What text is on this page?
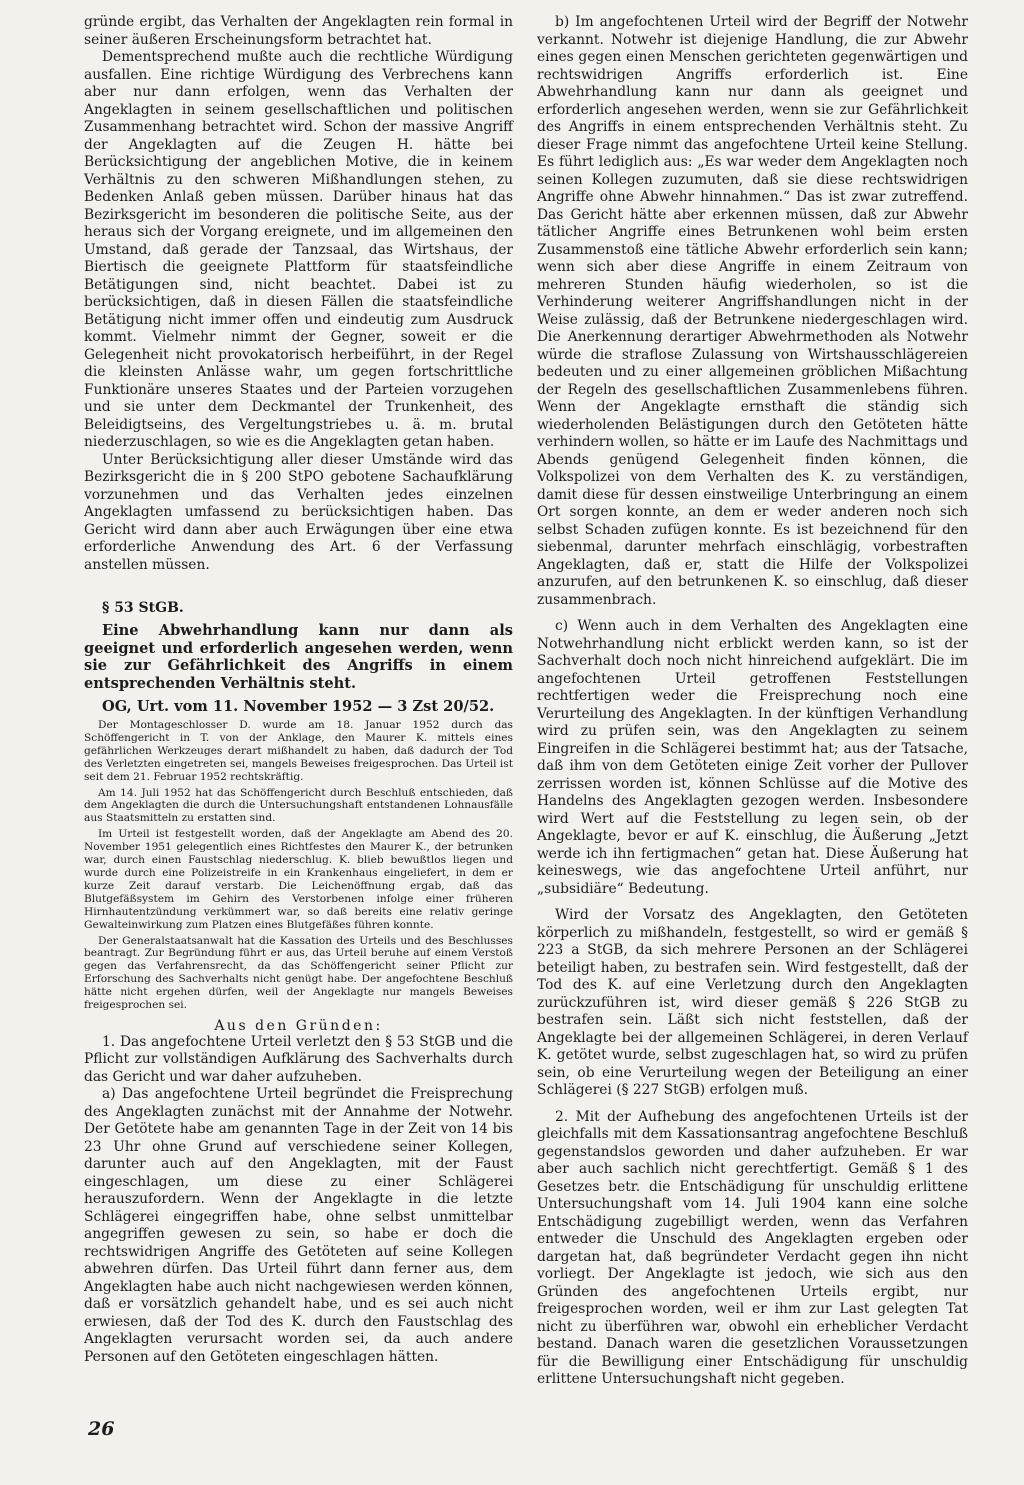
gründe ergibt, das Verhalten der Angeklagten rein formal in seiner äußeren Erscheinungsform betrachtet hat.

Dementsprechend mußte auch die rechtliche Würdigung ausfallen. Eine richtige Würdigung des Verbrechens kann aber nur dann erfolgen, wenn das Verhalten der Angeklagten in seinem gesellschaftlichen und politischen Zusammenhang betrachtet wird. Schon der massive Angriff der Angeklagten auf die Zeugen H. hätte bei Berücksichtigung der angeblichen Motive, die in keinem Verhältnis zu den schweren Mißhandlungen stehen, zu Bedenken Anlaß geben müssen. Darüber hinaus hat das Bezirksgericht im besonderen die politische Seite, aus der heraus sich der Vorgang ereignete, und im allgemeinen den Umstand, daß gerade der Tanzsaal, das Wirtshaus, der Biertisch die geeignete Plattform für staatsfeindliche Betätigungen sind, nicht beachtet. Dabei ist zu berücksichtigen, daß in diesen Fällen die staatsfeindliche Betätigung nicht immer offen und eindeutig zum Ausdruck kommt. Vielmehr nimmt der Gegner, soweit er die Gelegenheit nicht provokatorisch herbeiführt, in der Regel die kleinsten Anlässe wahr, um gegen fortschrittliche Funktionäre unseres Staates und der Parteien vorzugehen und sie unter dem Deckmantel der Trunkenheit, des Beleidigtseins, des Vergeltungstriebes u. ä. m. brutal niederzuschlagen, so wie es die Angeklagten getan haben.

Unter Berücksichtigung aller dieser Umstände wird das Bezirksgericht die in § 200 StPO gebotene Sachaufklärung vorzunehmen und das Verhalten jedes einzelnen Angeklagten umfassend zu berücksichtigen haben. Das Gericht wird dann aber auch Erwägungen über eine etwa erforderliche Anwendung des Art. 6 der Verfassung anstellen müssen.

§ 53 StGB.

Eine Abwehrhandlung kann nur dann als geeignet und erforderlich angesehen werden, wenn sie zur Gefährlichkeit des Angriffs in einem entsprechenden Verhältnis steht.

OG, Urt. vom 11. November 1952 — 3 Zst 20/52.

Der Montageschlosser D. wurde am 18. Januar 1952 durch das Schöffengericht in T. von der Anklage, den Maurer K. mittels eines gefährlichen Werkzeuges derart mißhandelt zu haben, daß dadurch der Tod des Verletzten eingetreten sei, mangels Beweises freigesprochen. Das Urteil ist seit dem 21. Februar 1952 rechtskräftig.

Am 14. Juli 1952 hat das Schöffengericht durch Beschluß entschieden, daß dem Angeklagten die durch die Untersuchungshaft entstandenen Lohnausfälle aus Staatsmitteln zu erstatten sind.

Im Urteil ist festgestellt worden, daß der Angeklagte am Abend des 20. November 1951 gelegentlich eines Richtfestes den Maurer K., der betrunken war, durch einen Faustschlag niederschlug. K. blieb bewußtlos liegen und wurde durch eine Polizeistreife in ein Krankenhaus eingeliefert, in dem er kurze Zeit darauf verstarb. Die Leichenöffnung ergab, daß das Blutgefäßsystem im Gehirn des Verstorbenen infolge einer früheren Hirnhautentzündung verkümmert war, so daß bereits eine relativ geringe Gewalteinwirkung zum Platzen eines Blutgefäßes führen konnte.

Der Generalstaatsanwalt hat die Kassation des Urteils und des Beschlusses beantragt. Zur Begründung führt er aus, das Urteil beruhe auf einem Verstoß gegen das Verfahrensrecht, da das Schöffengericht seiner Pflicht zur Erforschung des Sachverhalts nicht genügt habe. Der angefochtene Beschluß hätte nicht ergehen dürfen, weil der Angeklagte nur mangels Beweises freigesprochen sei.

Aus den Gründen:

1. Das angefochtene Urteil verletzt den § 53 StGB und die Pflicht zur vollständigen Aufklärung des Sachverhalts durch das Gericht und war daher aufzuheben.

a) Das angefochtene Urteil begründet die Freisprechung des Angeklagten zunächst mit der Annahme der Notwehr. Der Getötete habe am genannten Tage in der Zeit von 14 bis 23 Uhr ohne Grund auf verschiedene seiner Kollegen, darunter auch auf den Angeklagten, mit der Faust eingeschlagen, um diese zu einer Schlägerei herauszufordern. Wenn der Angeklagte in die letzte Schlägerei eingegriffen habe, ohne selbst unmittelbar angegriffen gewesen zu sein, so habe er doch die rechtswidrigen Angriffe des Getöteten auf seine Kollegen abwehren dürfen. Das Urteil führt dann ferner aus, dem Angeklagten habe auch nicht nachgewiesen werden können, daß er vorsätzlich gehandelt habe, und es sei auch nicht erwiesen, daß der Tod des K. durch den Faustschlag des Angeklagten verursacht worden sei, da auch andere Personen auf den Getöteten eingeschlagen hätten.

b) Im angefochtenen Urteil wird der Begriff der Notwehr verkannt. Notwehr ist diejenige Handlung, die zur Abwehr eines gegen einen Menschen gerichteten gegenwärtigen und rechtswidrigen Angriffs erforderlich ist. Eine Abwehrhandlung kann nur dann als geeignet und erforderlich angesehen werden, wenn sie zur Gefährlichkeit des Angriffs in einem entsprechenden Verhältnis steht. Zu dieser Frage nimmt das angefochtene Urteil keine Stellung. Es führt lediglich aus: „Es war weder dem Angeklagten noch seinen Kollegen zuzumuten, daß sie diese rechtswidrigen Angriffe ohne Abwehr hinnahmen.“ Das ist zwar zutreffend. Das Gericht hätte aber erkennen müssen, daß zur Abwehr tätlicher Angriffe eines Betrunkenen wohl beim ersten Zusammenstoß eine tätliche Abwehr erforderlich sein kann; wenn sich aber diese Angriffe in einem Zeitraum von mehreren Stunden häufig wiederholen, so ist die Verhinderung weiterer Angriffshandlungen nicht in der Weise zulässig, daß der Betrunkene niedergeschlagen wird. Die Anerkennung derartiger Abwehrmethoden als Notwehr würde die straflose Zulassung von Wirtshausschlägereien bedeuten und zu einer allgemeinen gröblichen Mißachtung der Regeln des gesellschaftlichen Zusammenlebens führen. Wenn der Angeklagte ernsthaft die ständig sich wiederholenden Belästigungen durch den Getöteten hätte verhindern wollen, so hätte er im Laufe des Nachmittags und Abends genügend Gelegenheit finden können, die Volkspolizei von dem Verhalten des K. zu verständigen, damit diese für dessen einstweilige Unterbringung an einem Ort sorgen konnte, an dem er weder anderen noch sich selbst Schaden zufügen konnte. Es ist bezeichnend für den siebenmal, darunter mehrfach einschlägig, vorbestraften Angeklagten, daß er, statt die Hilfe der Volkspolizei anzurufen, auf den betrunkenen K. so einschlug, daß dieser zusammenbrach.

c) Wenn auch in dem Verhalten des Angeklagten eine Notwehrhandlung nicht erblickt werden kann, so ist der Sachverhalt doch noch nicht hinreichend aufgeklärt. Die im angefochtenen Urteil getroffenen Feststellungen rechtfertigen weder die Freisprechung noch eine Verurteilung des Angeklagten. In der künftigen Verhandlung wird zu prüfen sein, was den Angeklagten zu seinem Eingreifen in die Schlägerei bestimmt hat; aus der Tatsache, daß ihm von dem Getöteten einige Zeit vorher der Pullover zerrissen worden ist, können Schlüsse auf die Motive des Handelns des Angeklagten gezogen werden. Insbesondere wird Wert auf die Feststellung zu legen sein, ob der Angeklagte, bevor er auf K. einschlug, die Äußerung „Jetzt werde ich ihn fertigmachen“ getan hat. Diese Äußerung hat keineswegs, wie das angefochtene Urteil anführt, nur „subsidiäre“ Bedeutung.

Wird der Vorsatz des Angeklagten, den Getöteten körperlich zu mißhandeln, festgestellt, so wird er gemäß § 223 a StGB, da sich mehrere Personen an der Schlägerei beteiligt haben, zu bestrafen sein. Wird festgestellt, daß der Tod des K. auf eine Verletzung durch den Angeklagten zurückzuführen ist, wird dieser gemäß § 226 StGB zu bestrafen sein. Läßt sich nicht feststellen, daß der Angeklagte bei der allgemeinen Schlägerei, in deren Verlauf K. getötet wurde, selbst zugeschlagen hat, so wird zu prüfen sein, ob eine Verurteilung wegen der Beteiligung an einer Schlägerei (§ 227 StGB) erfolgen muß.

2. Mit der Aufhebung des angefochtenen Urteils ist der gleichfalls mit dem Kassationsantrag angefochtene Beschluß gegenstandslos geworden und daher aufzuheben. Er war aber auch sachlich nicht gerechtfertigt. Gemäß § 1 des Gesetzes betr. die Entschädigung für unschuldig erlittene Untersuchungshaft vom 14. Juli 1904 kann eine solche Entschädigung zugebilligt werden, wenn das Verfahren entweder die Unschuld des Angeklagten ergeben oder dargetan hat, daß begründeter Verdacht gegen ihn nicht vorliegt. Der Angeklagte ist jedoch, wie sich aus den Gründen des angefochtenen Urteils ergibt, nur freigesprochen worden, weil er ihm zur Last gelegten Tat nicht zu überführen war, obwohl ein erheblicher Verdacht bestand. Danach waren die gesetzlichen Voraussetzungen für die Bewilligung einer Entschädigung für unschuldig erlittene Untersuchungshaft nicht gegeben.

26
